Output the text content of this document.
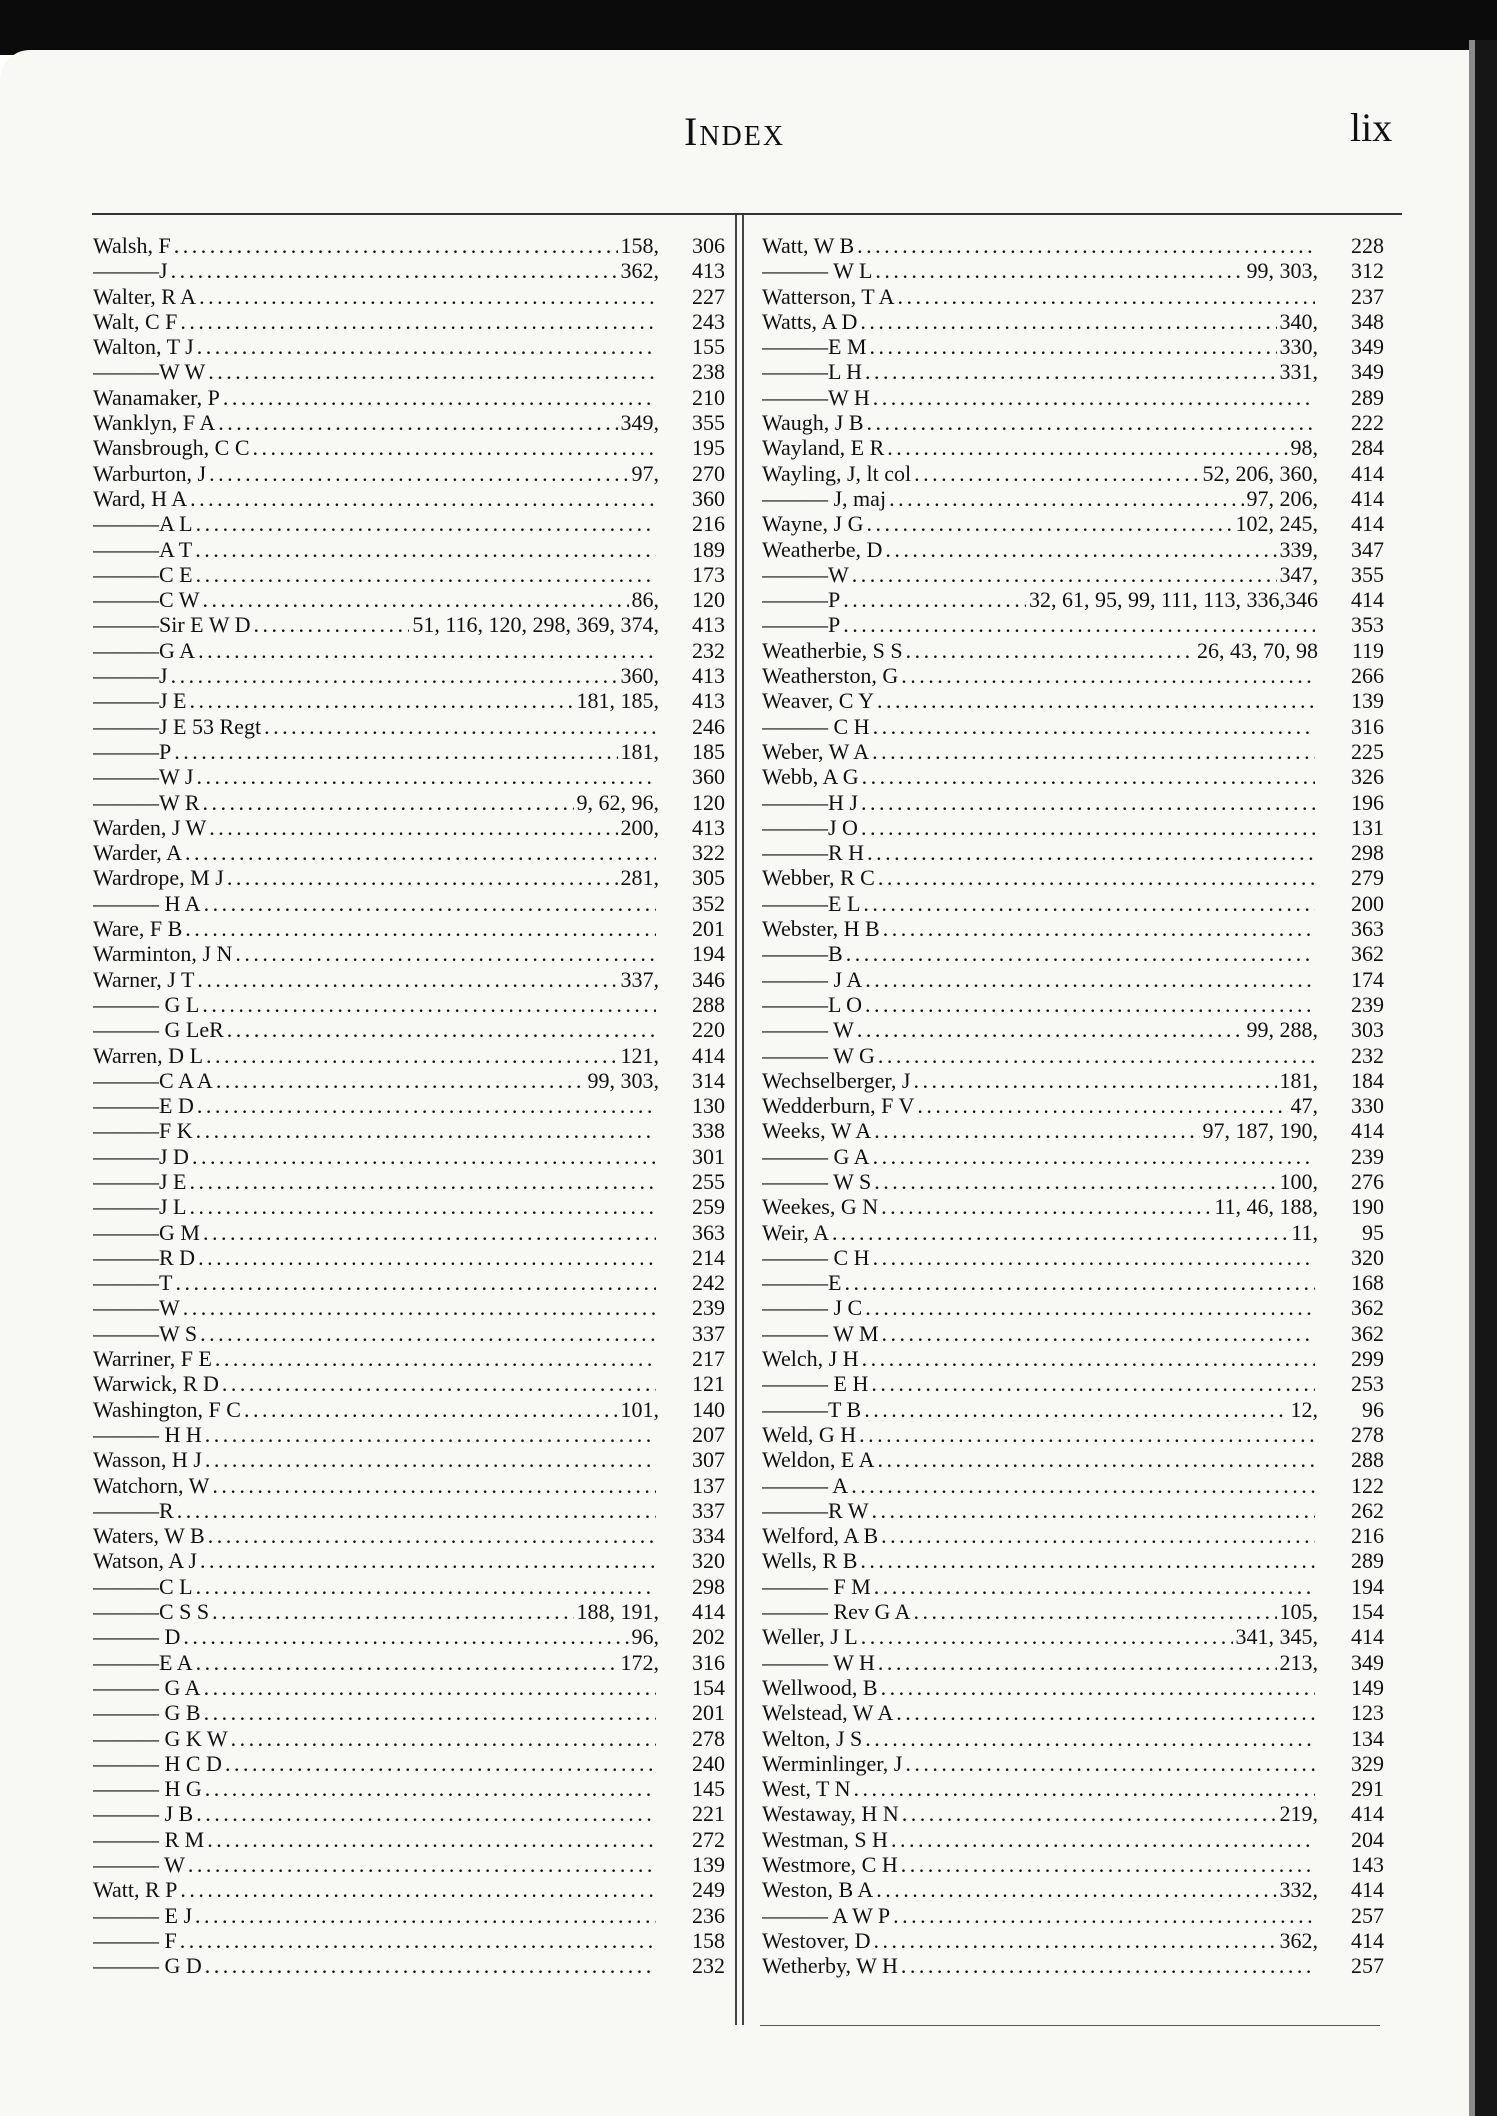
Index	lix
Walsh, F . . .	158,	306
———J . . .	362,	413
Walter, R A . . .	227
Walt, C F . . .	243
Walton, T J . . .	155
———W W . . .	238
Wanamaker, P . . .	210
Wanklyn, F A . . .	349,	355
Wansbrough, C C . . .	195
Warburton, J . . .	97,	270
Ward, H A . . .	360
———A L . . .	216
———A T . . .	189
———C E . . .	173
———C W . . .	86,	120
———Sir E W D . . .	51, 116, 120, 298, 369, 374,	413
———G A . . .	232
———J . . .	360,	413
———J E . . .	181, 185,	413
———J E 53 Regt . . .	246
———P . . .	181,	185
———W J . . .	360
———W R . . .	9, 62, 96,	120
Warden, J W . . .	200,	413
Warder, A . . .	322
Wardrope, M J . . .	281,	305
——— H A . . .	352
Ware, F B . . .	201
Warminton, J N . . .	194
Warner, J T . . .	337,	346
——— G L . . .	288
——— G LeR . . .	220
Warren, D L . . .	121,	414
———C A A . . .	99, 303,	314
———E D . . .	130
———F K . . .	338
———J D . . .	301
———J E . . .	255
———J L . . .	259
———G M . . .	363
———R D . . .	214
———T . . .	242
———W . . .	239
———W S . . .	337
Warriner, F E . . .	217
Warwick, R D . . .	121
Washington, F C . . .	101,	140
——— H H . . .	207
Wasson, H J . . .	307
Watchorn, W . . .	137
———R . . .	337
Waters, W B . . .	334
Watson, A J . . .	320
———C L . . .	298
———C S S . . .	188, 191,	414
——— D . . .	96,	202
———E A . . .	172,	316
——— G A . . .	154
——— G B . . .	201
——— G K W . . .	278
——— H C D . . .	240
——— H G . . .	145
——— J B . . .	221
——— R M . . .	272
——— W . . .	139
Watt, R P . . .	249
——— E J . . .	236
——— F . . .	158
——— G D . . .	232
Watt, W B . . .	228
——— W L . . .	99, 303,	312
Watterson, T A . . .	237
Watts, A D . . .	340,	348
———E M . . .	330,	349
———L H . . .	331,	349
———W H . . .	289
Waugh, J B . . .	222
Wayland, E R . . .	98,	284
Wayling, J, lt col . . .	52, 206, 360,	414
——— J, maj . . .	97, 206,	414
Wayne, J G . . .	102, 245,	414
Weatherbe, D . . .	339,	347
———W . . .	347,	355
———P . . .	32, 61, 95, 99, 111, 113, 336,346	414
———P . . .	353
Weatherbie, S S . . .	26, 43, 70, 98	119
Weatherston, G . . .	266
Weaver, C Y . . .	139
——— C H . . .	316
Weber, W A . . .	225
Webb, A G . . .	326
———H J . . .	196
———J O . . .	131
———R H . . .	298
Webber, R C . . .	279
———E L . . .	200
Webster, H B . . .	363
———B . . .	362
——— J A . . .	174
———L O . . .	239
——— W . . .	99, 288,	303
——— W G . . .	232
Wechselberger, J . . .	181,	184
Wedderburn, F V . . .	47,	330
Weeks, W A . . .	97, 187, 190,	414
——— G A . . .	239
——— W S . . .	100,	276
Weekes, G N . . .	11, 46, 188,	190
Weir, A . . .	11,	95
——— C H . . .	320
———E . . .	168
——— J C . . .	362
——— W M . . .	362
Welch, J H . . .	299
——— E H . . .	253
———T B . . .	12,	96
Weld, G H . . .	278
Weldon, E A . . .	288
——— A . . .	122
———R W . . .	262
Welford, A B . . .	216
Wells, R B . . .	289
——— F M . . .	194
——— Rev G A . . .	105,	154
Weller, J L . . .	341, 345,	414
——— W H . . .	213,	349
Wellwood, B . . .	149
Welstead, W A . . .	123
Welton, J S . . .	134
Werminlinger, J . . .	329
West, T N . . .	291
Westaway, H N . . .	219,	414
Westman, S H . . .	204
Westmore, C H . . .	143
Weston, B A . . .	332,	414
——— A W P . . .	257
Westover, D . . .	362,	414
Wetherby, W H . . .	257
